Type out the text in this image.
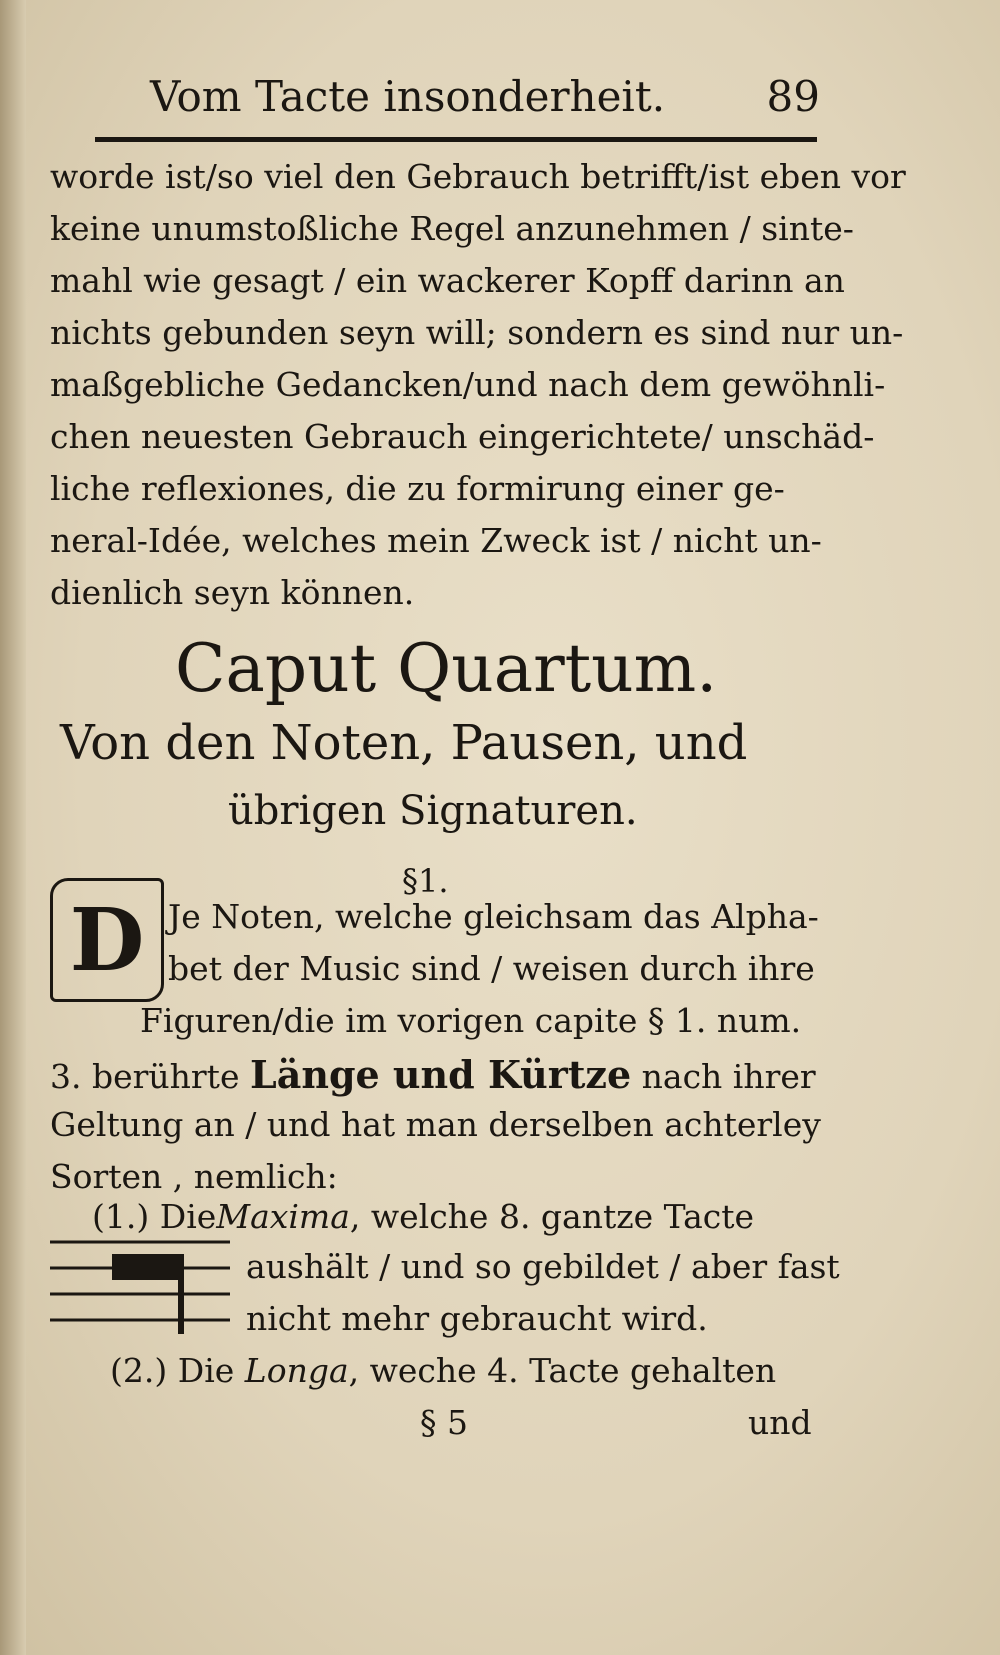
Vom Tacte insonderheit. 89
worde ist/so viel den Gebrauch betrifft/ist eben vor
keine unumstoßliche Regel anzunehmen / sinte-
mahl wie gesagt / ein wackerer Kopff darinn an
nichts gebunden seyn will; sondern es sind nur un-
maßgebliche Gedancken/und nach dem gewöhnli-
chen neuesten Gebrauch eingerichtete/ unschäd-
liche reflexiones, die zu formirung einer ge-
neral-Idée, welches mein Zweck ist / nicht un-
dienlich seyn können.
Caput Quartum.
Von den Noten, Pausen, und
übrigen Signaturen.
§1.
D Je Noten, welche gleichsam das Alpha-
bet der Music sind / weisen durch ihre
Figuren/die im vorigen capite § 1. num.
3. berührte Länge und Kürtze nach ihrer
Geltung an / und hat man derselben achterley
Sorten , nemlich:
(1.) DieMaxima, welche 8. gantze Tacte
aushält / und so gebildet / aber fast
nicht mehr gebraucht wird.
(2.) Die Longa, weche 4. Tacte gehalten
§ 5	und
